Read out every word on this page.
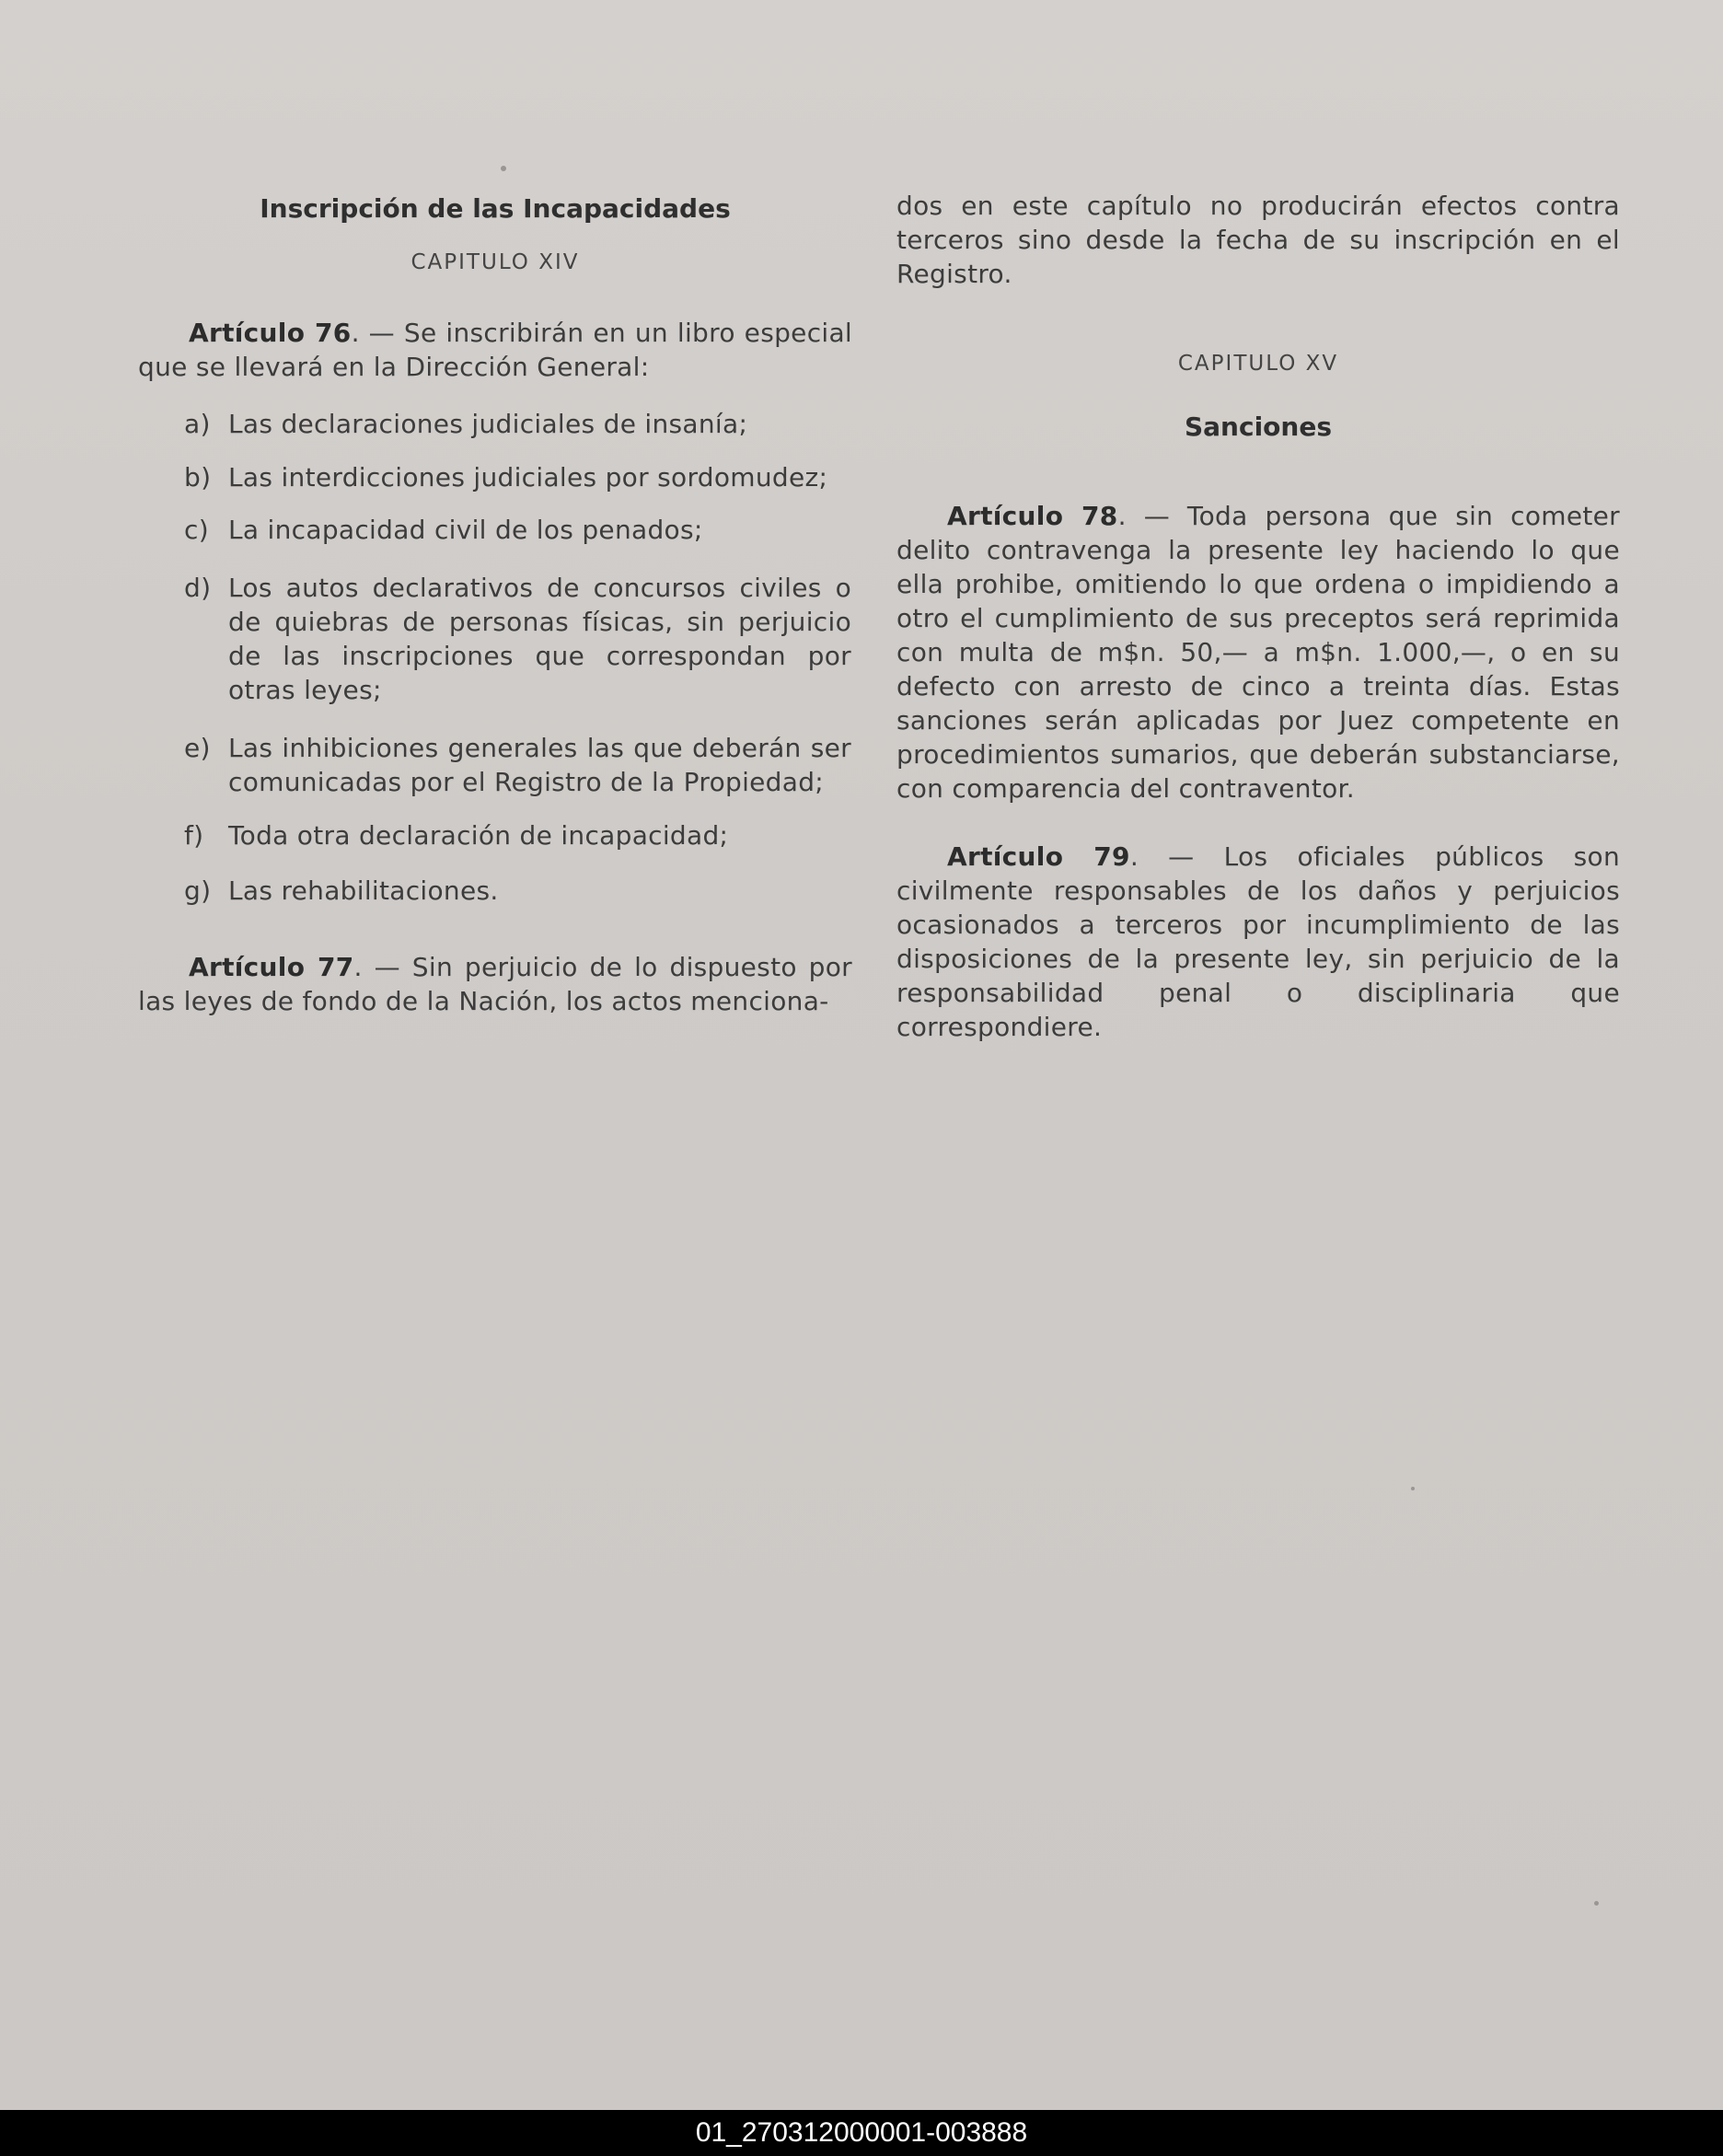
Inscripción de las Incapacidades
CAPITULO XIV
Artículo 76. — Se inscribirán en un libro especial que se llevará en la Dirección General:
a) Las declaraciones judiciales de insanía;
b) Las interdicciones judiciales por sordomudez;
c) La incapacidad civil de los penados;
d) Los autos declarativos de concursos civiles o de quiebras de personas físicas, sin perjuicio de las inscripciones que correspondan por otras leyes;
e) Las inhibiciones generales las que deberán ser comunicadas por el Registro de la Propiedad;
f) Toda otra declaración de incapacidad;
g) Las rehabilitaciones.
Artículo 77. — Sin perjuicio de lo dispuesto por las leyes de fondo de la Nación, los actos menciona-
dos en este capítulo no producirán efectos contra terceros sino desde la fecha de su inscripción en el Registro.
CAPITULO XV
Sanciones
Artículo 78. — Toda persona que sin cometer delito contravenga la presente ley haciendo lo que ella prohibe, omitiendo lo que ordena o impidiendo a otro el cumplimiento de sus preceptos será reprimida con multa de m$n. 50,— a m$n. 1.000,—, o en su defecto con arresto de cinco a treinta días. Estas sanciones serán aplicadas por Juez competente en procedimientos sumarios, que deberán substanciarse, con comparencia del contraventor.
Artículo 79. — Los oficiales públicos son civilmente responsables de los daños y perjuicios ocasionados a terceros por incumplimiento de las disposiciones de la presente ley, sin perjuicio de la responsabilidad penal o disciplinaria que correspondiere.
01_270312000001-003888
